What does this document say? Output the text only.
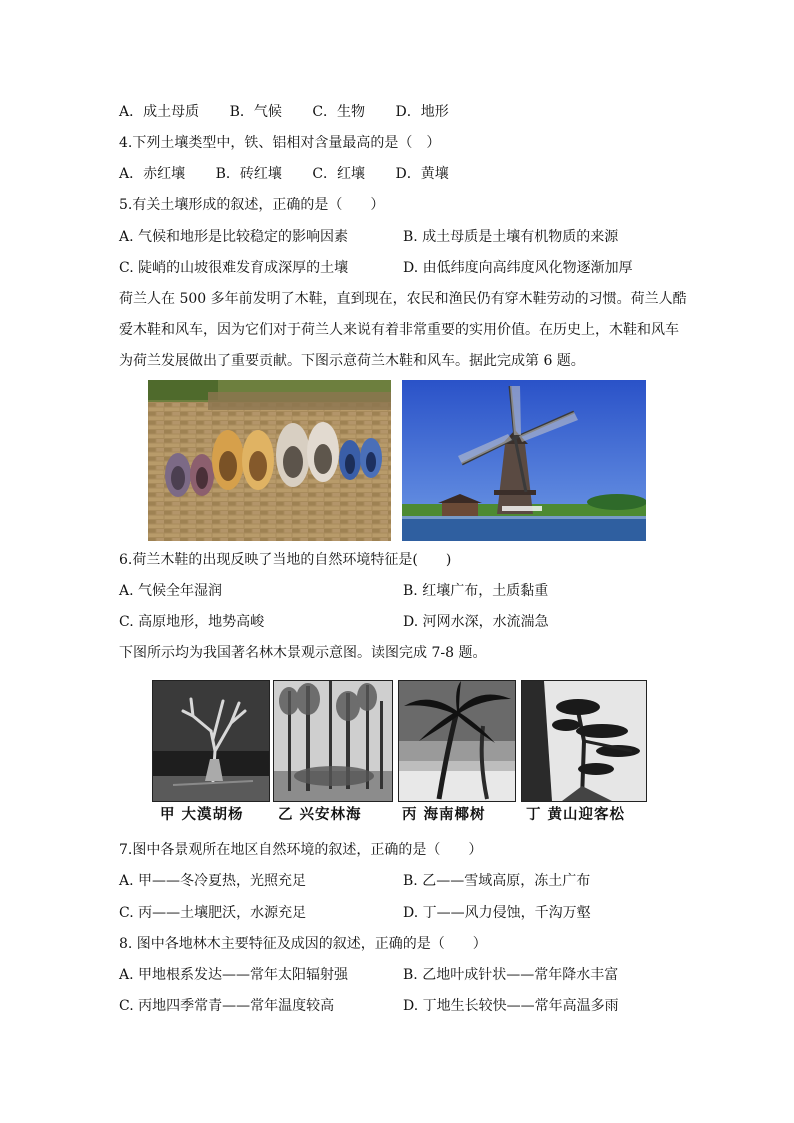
A．成土母质 B．气候 C．生物 D．地形
4.下列土壤类型中，铁、铝相对含量最高的是（　）
A．赤红壤 B．砖红壤 C．红壤 D．黄壤
5.有关土壤形成的叙述，正确的是（　　）
A. 气候和地形是比较稳定的影响因素	B. 成土母质是土壤有机物质的来源
C. 陡峭的山坡很难发育成深厚的土壤	D. 由低纬度向高纬度风化物逐渐加厚
荷兰人在 500 多年前发明了木鞋，直到现在，农民和渔民仍有穿木鞋劳动的习惯。荷兰人酷
爱木鞋和风车，因为它们对于荷兰人来说有着非常重要的实用价值。在历史上，木鞋和风车
为荷兰发展做出了重要贡献。下图示意荷兰木鞋和风车。据此完成第 6 题。
6.荷兰木鞋的出现反映了当地的自然环境特征是(　　)
A. 气候全年湿润	B. 红壤广布，土质黏重
C. 高原地形，地势高峻	D. 河网水深，水流湍急
下图所示均为我国著名林木景观示意图。读图完成 7-8 题。
甲 大漠胡杨 乙 兴安林海	丙 海南椰树	丁 黄山迎客松
7.图中各景观所在地区自然环境的叙述，正确的是（　　）
A. 甲——冬冷夏热，光照充足	B. 乙——雪域高原，冻土广布
C. 丙——土壤肥沃，水源充足	D. 丁——风力侵蚀，千沟万壑
8. 图中各地林木主要特征及成因的叙述，正确的是（　　）
A. 甲地根系发达——常年太阳辐射强	B. 乙地叶成针状——常年降水丰富
C. 丙地四季常青——常年温度较高	D. 丁地生长较快——常年高温多雨
